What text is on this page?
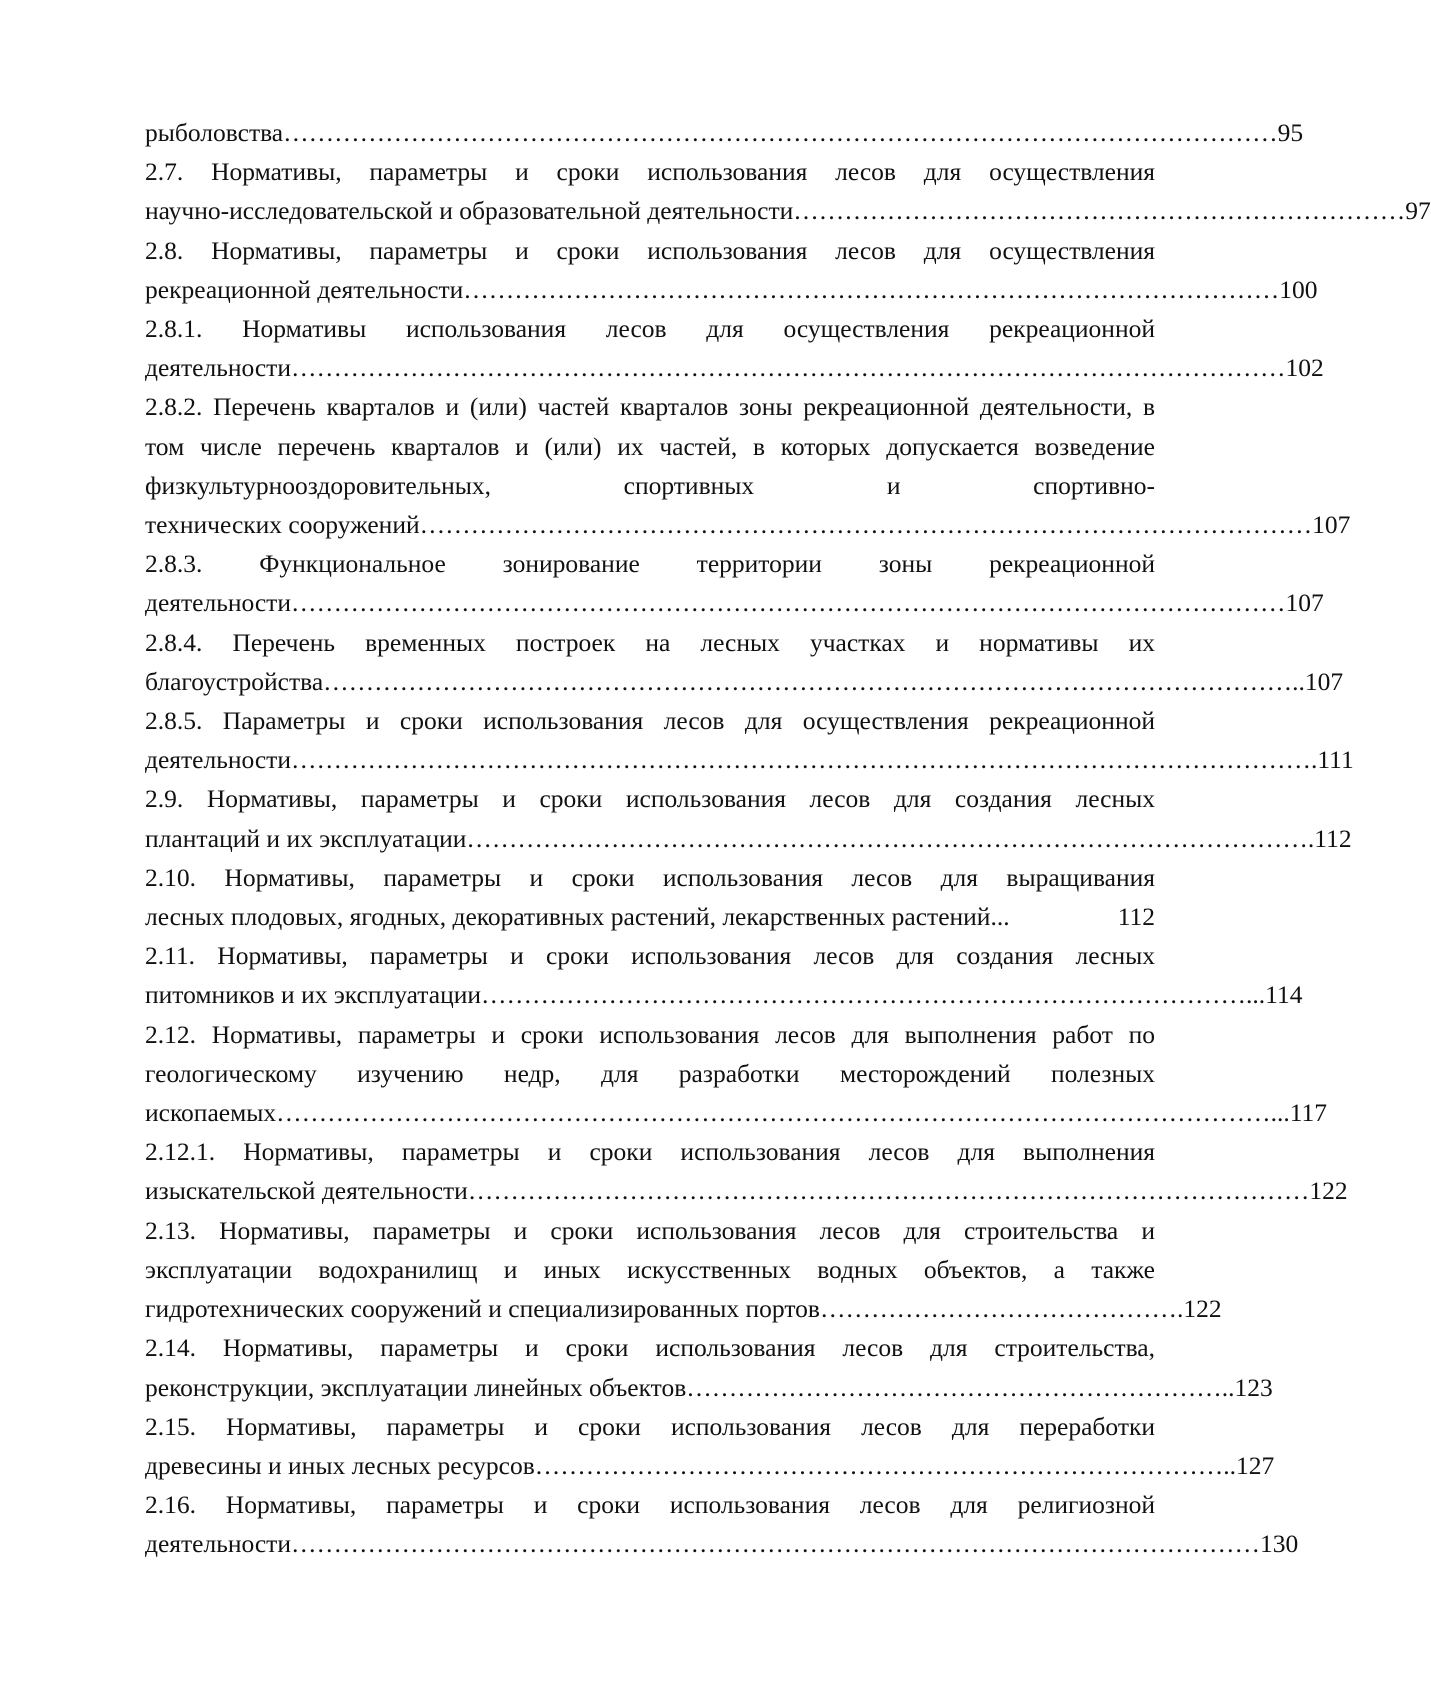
рыболовства ……………………………………………………………………………………………………… 95
2.7. Нормативы, параметры и сроки использования лесов для осуществления
научно-исследовательской и образовательной деятельности ……………………………………………………………… 97
2.8. Нормативы, параметры и сроки использования лесов для осуществления
рекреационной деятельности …………………………………………………………………………………… 100
2.8.1. Нормативы использования лесов для осуществления рекреационной
деятельности ……………………………………………………………………………………………………… 102
2.8.2. Перечень кварталов и (или) частей кварталов зоны рекреационной деятельности, в том числе перечень кварталов и (или) их частей, в которых допускается возведение физкультурнооздоровительных, спортивных и спортивно-
технических сооружений …………………………………………………………………………………………… 107
2.8.3. Функциональное зонирование территории зоны рекреационной
деятельности ……………………………………………………………………………………………………… 107
2.8.4. Перечень временных построек на лесных участках и нормативы их
благоустройства …………………………………………………………………………………………………….. 107
2.8.5. Параметры и сроки использования лесов для осуществления рекреационной
деятельности …………………………………………………………………………………………………………. 111
2.9. Нормативы, параметры и сроки использования лесов для создания лесных
плантаций и их эксплуатации ………………………………………………………………………………………. 112
2.10. Нормативы, параметры и сроки использования лесов для выращивания
лесных плодовых, ягодных, декоративных растений, лекарственных растений ...	112
2.11. Нормативы, параметры и сроки использования лесов для создания лесных
питомников и их эксплуатации ………………………………………………………………………………... 114
2.12. Нормативы, параметры и сроки использования лесов для выполнения работ по геологическому изучению недр, для разработки месторождений полезных
ископаемых ………………………………………………………………………………………………………... 117
2.12.1. Нормативы, параметры и сроки использования лесов для выполнения
изыскательской деятельности ……………………………………………………………………………………… 122
2.13. Нормативы, параметры и сроки использования лесов для строительства и эксплуатации водохранилищ и иных искусственных водных объектов, а также
гидротехнических сооружений и специализированных портов ……………………………………. 122
2.14. Нормативы, параметры и сроки использования лесов для строительства,
реконструкции, эксплуатации линейных объектов ……………………………………………………….. 123
2.15. Нормативы, параметры и сроки использования лесов для переработки
древесины и иных лесных ресурсов ……………………………………………………………………….. 127
2.16. Нормативы, параметры и сроки использования лесов для религиозной
деятельности …………………………………………………………………………………………………… 130
